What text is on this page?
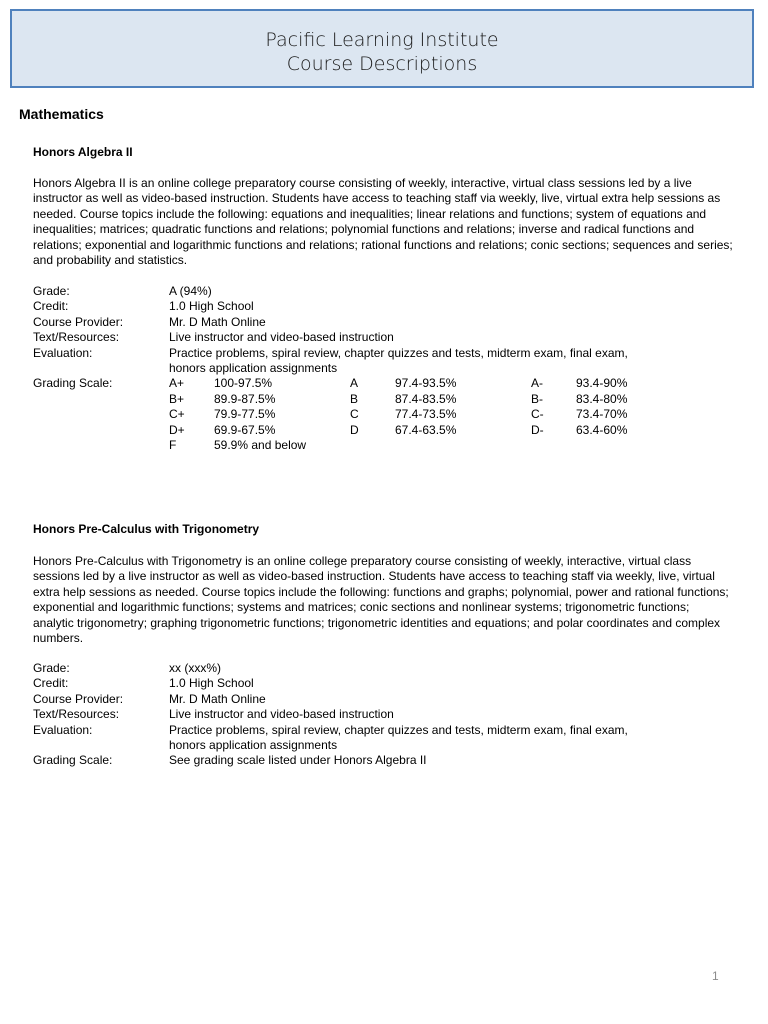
Pacific Learning Institute
Course Descriptions
Mathematics
Honors Algebra II
Honors Algebra II is an online college preparatory course consisting of weekly, interactive, virtual class sessions led by a live instructor as well as video-based instruction. Students have access to teaching staff via weekly, live, virtual extra help sessions as needed. Course topics include the following: equations and inequalities; linear relations and functions; system of equations and inequalities; matrices; quadratic functions and relations; polynomial functions and relations; inverse and radical functions and relations; exponential and logarithmic functions and relations; rational functions and relations; conic sections; sequences and series; and probability and statistics.
Grade:	A (94%)
Credit:	1.0 High School
Course Provider:	Mr. D Math Online
Text/Resources:	Live instructor and video-based instruction
Evaluation:	Practice problems, spiral review, chapter quizzes and tests, midterm exam, final exam,
honors application assignments
Grading Scale:	A+	100-97.5%	A	97.4-93.5%	A-	93.4-90%
B+	89.9-87.5%	B	87.4-83.5%	B-	83.4-80%
C+	79.9-77.5%	C	77.4-73.5%	C-	73.4-70%
D+	69.9-67.5%	D	67.4-63.5%	D-	63.4-60%
F	59.9% and below
Honors Pre-Calculus with Trigonometry
Honors Pre-Calculus with Trigonometry is an online college preparatory course consisting of weekly, interactive, virtual class sessions led by a live instructor as well as video-based instruction. Students have access to teaching staff via weekly, live, virtual extra help sessions as needed. Course topics include the following: functions and graphs; polynomial, power and rational functions; exponential and logarithmic functions; systems and matrices; conic sections and nonlinear systems; trigonometric functions; analytic trigonometry; graphing trigonometric functions; trigonometric identities and equations; and polar coordinates and complex numbers.
Grade:	xx (xxx%)
Credit:	1.0 High School
Course Provider:	Mr. D Math Online
Text/Resources:	Live instructor and video-based instruction
Evaluation:	Practice problems, spiral review, chapter quizzes and tests, midterm exam, final exam,
honors application assignments
Grading Scale:	See grading scale listed under Honors Algebra II
1
